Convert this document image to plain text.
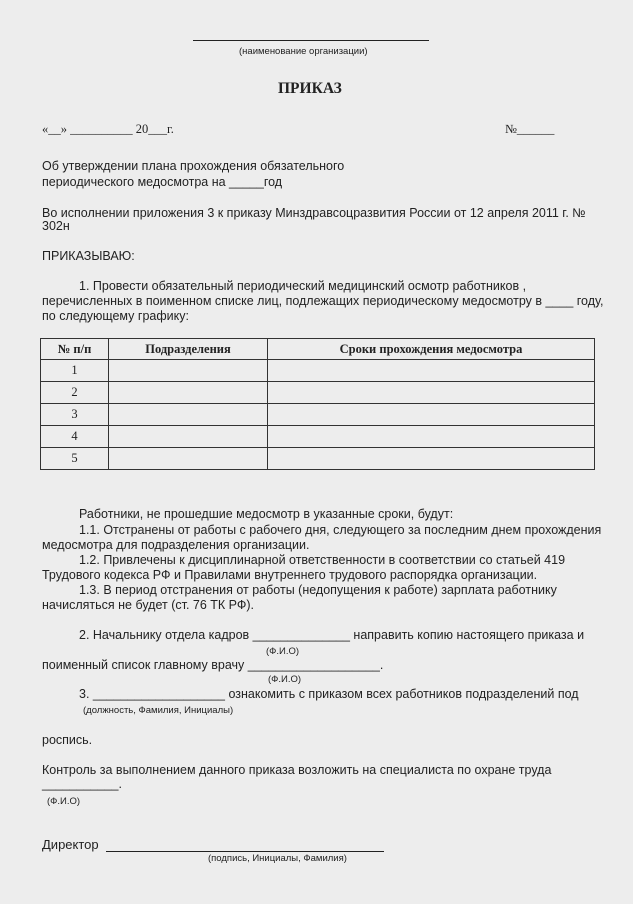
(наименование организации)
ПРИКАЗ
«__» __________ 20___г.	№______
Об утверждении плана прохождения обязательного
периодического медосмотра на _____год
Во исполнении приложения 3 к приказу Минздравсоцразвития России от 12 апреля 2011 г. №
302н
ПРИКАЗЫВАЮ:
1. Провести обязательный периодический медицинский осмотр работников ,
перечисленных в поименном списке лиц, подлежащих периодическому медосмотру в ____ году,
по следующему графику:
№ п/п	Подразделения	Сроки прохождения медосмотра
1		
2		
3		
4		
5		
Работники, не прошедшие медосмотр в указанные сроки, будут:
1.1. Отстранены от работы с рабочего дня, следующего за последним днем прохождения
медосмотра для подразделения организации.
1.2. Привлечены к дисциплинарной ответственности в соответствии со статьей 419
Трудового кодекса РФ и Правилами внутреннего трудового распорядка организации.
1.3. В период отстранения от работы (недопущения к работе) зарплата работнику
начисляться не будет (ст. 76 ТК РФ).
2. Начальнику отдела кадров ______________ направить копию настоящего приказа и
(Ф.И.О)
поименный список главному врачу ___________________.
(Ф.И.О)
3. ___________________ ознакомить с приказом всех работников подразделений под
(должность, Фамилия, Инициалы)
роспись.
Контроль за выполнением данного приказа возложить на специалиста по охране труда
___________.
(Ф.И.О)
Директор
(подпись, Инициалы, Фамилия)
